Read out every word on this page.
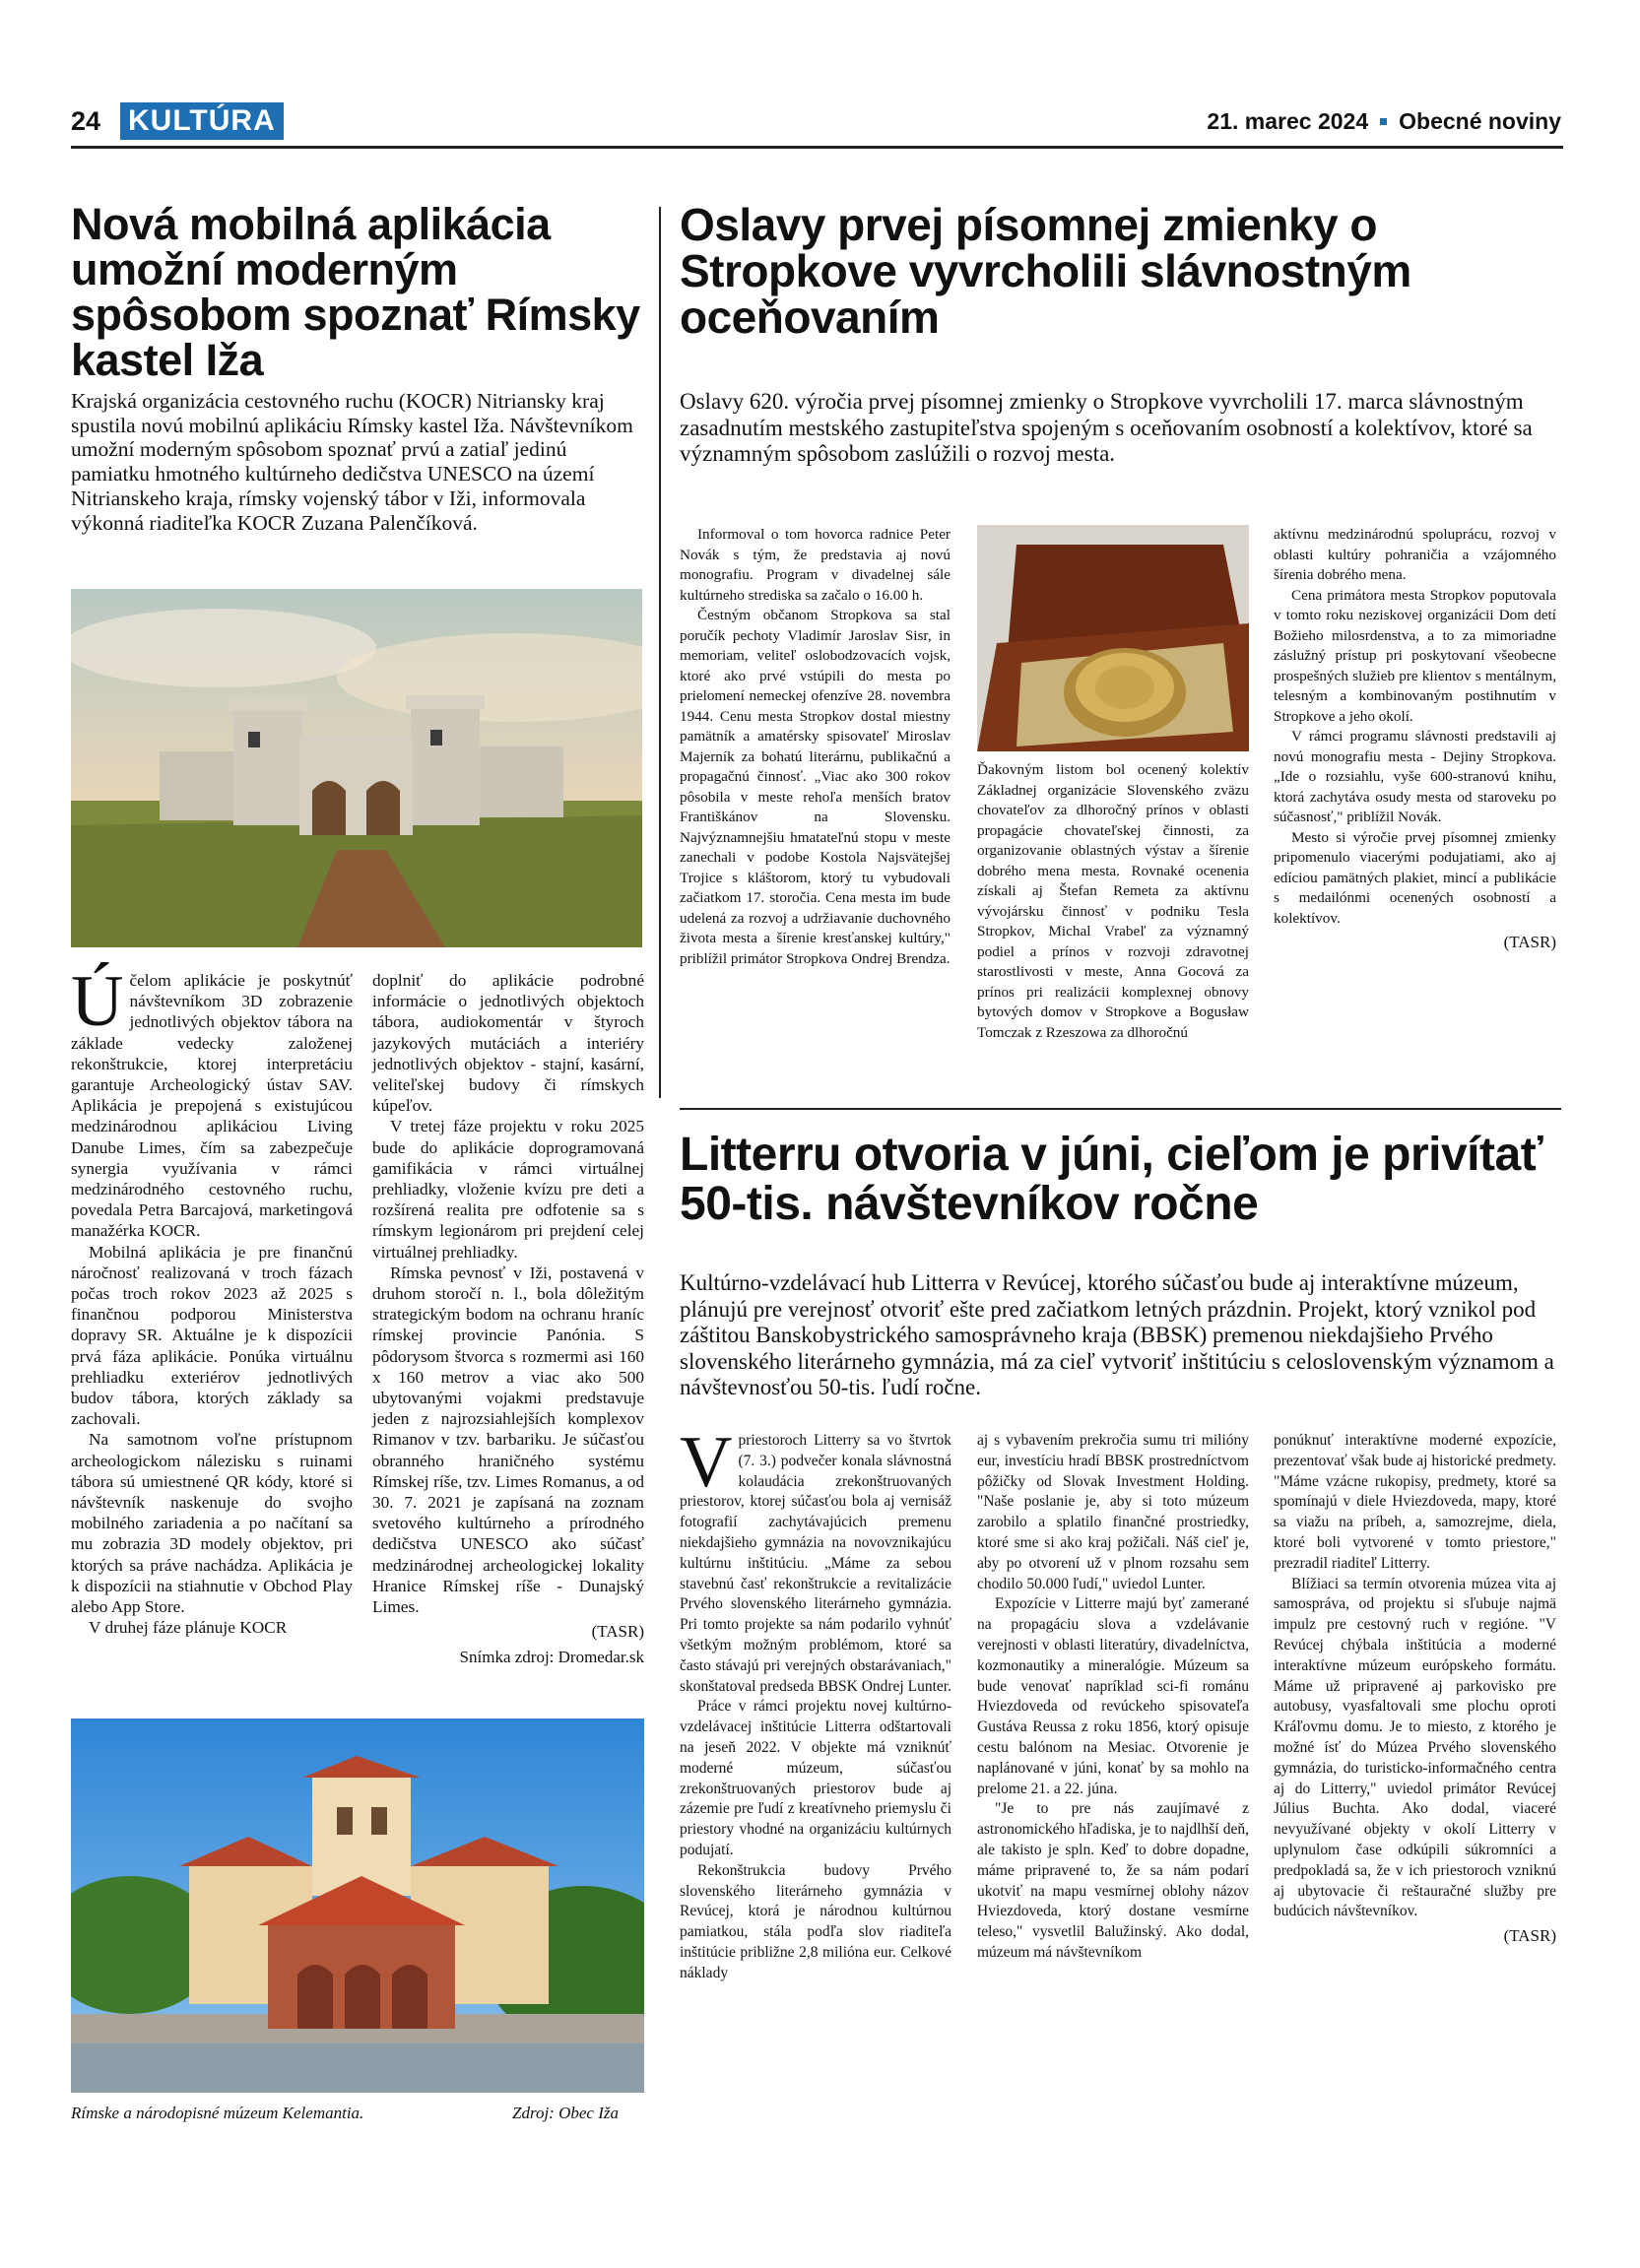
24 KULTÚRA	21. marec 2024 Obecné noviny
Nová mobilná aplikácia umožní moderným spôsobom spoznať Rímsky kastel Iža

Krajská organizácia cestovného ruchu (KOCR) Nitriansky kraj spustila novú mobilnú aplikáciu Rímsky kastel Iža. Návštevníkom umožní moderným spôsobom spoznať prvú a zatiaľ jedinú pamiatku hmotného kultúrneho dedičstva UNESCO na území Nitrianskeho kraja, rímsky vojenský tábor v Iži, informovala výkonná riaditeľka KOCR Zuzana Palenčíková.

Účelom aplikácie je poskytnúť návštevníkom 3D zobrazenie jednotlivých objektov tábora na základe vedecky založenej rekonštrukcie, ktorej interpretáciu garantuje Archeologický ústav SAV. Aplikácia je prepojená s existujúcou medzinárodnou aplikáciou Living Danube Limes, čím sa zabezpečuje synergia využívania v rámci medzinárodného cestovného ruchu, povedala Petra Barcajová, marketingová manažérka KOCR.

Mobilná aplikácia je pre finančnú náročnosť realizovaná v troch fázach počas troch rokov 2023 až 2025 s finančnou podporou Ministerstva dopravy SR. Aktuálne je k dispozícii prvá fáza aplikácie. Ponúka virtuálnu prehliadku exteriérov jednotlivých budov tábora, ktorých základy sa zachovali.

Na samotnom voľne prístupnom archeologickom nálezisku s ruinami tábora sú umiestnené QR kódy, ktoré si návštevník naskenuje do svojho mobilného zariadenia a po načítaní sa mu zobrazia 3D modely objektov, pri ktorých sa práve nachádza. Aplikácia je k dispozícii na stiahnutie v Obchod Play alebo App Store.

V druhej fáze plánuje KOCR

doplniť do aplikácie podrobné informácie o jednotlivých objektoch tábora, audiokomentár v štyroch jazykových mutáciách a interiéry jednotlivých objektov - stajní, kasární, veliteľskej budovy či rímskych kúpeľov.

V tretej fáze projektu v roku 2025 bude do aplikácie doprogramovaná gamifikácia v rámci virtuálnej prehliadky, vloženie kvízu pre deti a rozšírená realita pre odfotenie sa s rímskym legionárom pri prejdení celej virtuálnej prehliadky.

Rímska pevnosť v Iži, postavená v druhom storočí n. l., bola dôležitým strategickým bodom na ochranu hraníc rímskej provincie Panónia. S pôdorysom štvorca s rozmermi asi 160 x 160 metrov a viac ako 500 ubytovanými vojakmi predstavuje jeden z najrozsiahlejších komplexov Rimanov v tzv. barbariku. Je súčasťou obranného hraničného systému Rímskej ríše, tzv. Limes Romanus, a od 30. 7. 2021 je zapísaná na zoznam svetového kultúrneho a prírodného dedičstva UNESCO ako súčasť medzinárodnej archeologickej lokality Hranice Rímskej ríše - Dunajský Limes.

(TASR)
Snímka zdroj: Dromedar.sk
Rímske a národopisné múzeum Kelemantia.	Zdroj: Obec Iža
Oslavy prvej písomnej zmienky o Stropkove vyvrcholili slávnostným oceňovaním

Oslavy 620. výročia prvej písomnej zmienky o Stropkove vyvrcholili 17. marca slávnostným zasadnutím mestského zastupiteľstva spojeným s oceňovaním osobností a kolektívov, ktoré sa významným spôsobom zaslúžili o rozvoj mesta.

Informoval o tom hovorca radnice Peter Novák s tým, že predstavia aj novú monografiu. Program v divadelnej sále kultúrneho strediska sa začalo o 16.00 h.

Čestným občanom Stropkova sa stal poručík pechoty Vladimír Jaroslav Sisr, in memoriam, veliteľ oslobodzovacích vojsk, ktoré ako prvé vstúpili do mesta po prielomení nemeckej ofenzíve 28. novembra 1944. Cenu mesta Stropkov dostal miestny pamätník a amatérsky spisovateľ Miroslav Majerník za bohatú literárnu, publikačnú a propagačnú činnosť. „Viac ako 300 rokov pôsobila v meste rehoľa menších bratov Františkánov na Slovensku. Najvýznamnejšiu hmatateľnú stopu v meste zanechali v podobe Kostola Najsvätejšej Trojice s kláštorom, ktorý tu vybudovali začiatkom 17. storočia. Cena mesta im bude udelená za rozvoj a udržiavanie duchovného života mesta a šírenie kresťanskej kultúry," priblížil primátor Stropkova Ondrej Brendza.

Ďakovným listom bol ocenený kolektív Základnej organizácie Slovenského zväzu chovateľov za dlhoročný prínos v oblasti propagácie chovateľskej činnosti, za organizovanie oblastných výstav a šírenie dobrého mena mesta. Rovnaké ocenenia získali aj Štefan Remeta za aktívnu vývojársku činnosť v podniku Tesla Stropkov, Michal Vrabeľ za významný podiel a prínos v rozvoji zdravotnej starostlivosti v meste, Anna Gocová za prínos pri realizácii komplexnej obnovy bytových domov v Stropkove a Bogusław Tomczak z Rzeszowa za dlhoročnú

aktívnu medzinárodnú spoluprácu, rozvoj v oblasti kultúry pohraničia a vzájomného šírenia dobrého mena.

Cena primátora mesta Stropkov poputovala v tomto roku neziskovej organizácii Dom detí Božieho milosrdenstva, a to za mimoriadne záslužný prístup pri poskytovaní všeobecne prospešných služieb pre klientov s mentálnym, telesným a kombinovaným postihnutím v Stropkove a jeho okolí.

V rámci programu slávnosti predstavili aj novú monografiu mesta - Dejiny Stropkova. „Ide o rozsiahlu, vyše 600-stranovú knihu, ktorá zachytáva osudy mesta od staroveku po súčasnosť," priblížil Novák.

Mesto si výročie prvej písomnej zmienky pripomenulo viacerými podujatiami, ako aj edíciou pamätných plakiet, mincí a publikácie s medailónmi ocenených osobností a kolektívov.

(TASR)
Litterru otvoria v júni, cieľom je privítať 50-tis. návštevníkov ročne

Kultúrno-vzdelávací hub Litterra v Revúcej, ktorého súčasťou bude aj interaktívne múzeum, plánujú pre verejnosť otvoriť ešte pred začiatkom letných prázdnin. Projekt, ktorý vznikol pod záštitou Banskobystrického samosprávneho kraja (BBSK) premenou niekdajšieho Prvého slovenského literárneho gymnázia, má za cieľ vytvoriť inštitúciu s celoslovenským významom a návštevnosťou 50-tis. ľudí ročne.

Vpriestoroch Litterry sa vo štvrtok (7. 3.) podvečer konala slávnostná kolaudácia zrekonštruovaných priestorov, ktorej súčasťou bola aj vernisáž fotografií zachytávajúcich premenu niekdajšieho gymnázia na novovznikajúcu kultúrnu inštitúciu. „Máme za sebou stavebnú časť rekonštrukcie a revitalizácie Prvého slovenského literárneho gymnázia. Pri tomto projekte sa nám podarilo vyhnúť všetkým možným problémom, ktoré sa často stávajú pri verejných obstarávaniach," skonštatoval predseda BBSK Ondrej Lunter.

Práce v rámci projektu novej kultúrno-vzdelávacej inštitúcie Litterra odštartovali na jeseň 2022. V objekte má vzniknúť moderné múzeum, súčasťou zrekonštruovaných priestorov bude aj zázemie pre ľudí z kreatívneho priemyslu či priestory vhodné na organizáciu kultúrnych podujatí.

Rekonštrukcia budovy Prvého slovenského literárneho gymnázia v Revúcej, ktorá je národnou kultúrnou pamiatkou, stála podľa slov riaditeľa inštitúcie približne 2,8 milióna eur. Celkové náklady

aj s vybavením prekročia sumu tri milióny eur, investíciu hradí BBSK prostredníctvom pôžičky od Slovak Investment Holding. "Naše poslanie je, aby si toto múzeum zarobilo a splatilo finančné prostriedky, ktoré sme si ako kraj požičali. Náš cieľ je, aby po otvorení už v plnom rozsahu sem chodilo 50.000 ľudí," uviedol Lunter.

Expozície v Litterre majú byť zamerané na propagáciu slova a vzdelávanie verejnosti v oblasti literatúry, divadelníctva, kozmonautiky a mineralógie. Múzeum sa bude venovať napríklad sci-fi románu Hviezdoveda od revúckeho spisovateľa Gustáva Reussa z roku 1856, ktorý opisuje cestu balónom na Mesiac. Otvorenie je naplánované v júni, konať by sa mohlo na prelome 21. a 22. júna.

"Je to pre nás zaujímavé z astronomického hľadiska, je to najdlhší deň, ale takisto je spln. Keď to dobre dopadne, máme pripravené to, že sa nám podarí ukotviť na mapu vesmírnej oblohy názov Hviezdoveda, ktorý dostane vesmírne teleso," vysvetlil Balužinský. Ako dodal, múzeum má návštevníkom

ponúknuť interaktívne moderné expozície, prezentovať však bude aj historické predmety. "Máme vzácne rukopisy, predmety, ktoré sa spomínajú v diele Hviezdoveda, mapy, ktoré sa viažu na príbeh, a, samozrejme, diela, ktoré boli vytvorené v tomto priestore," prezradil riaditeľ Litterry.

Blížiaci sa termín otvorenia múzea vita aj samospráva, od projektu si sľubuje najmä impulz pre cestovný ruch v regióne. "V Revúcej chýbala inštitúcia a moderné interaktívne múzeum európskeho formátu. Máme už pripravené aj parkovisko pre autobusy, vyasfaltovali sme plochu oproti Kráľovmu domu. Je to miesto, z ktorého je možné ísť do Múzea Prvého slovenského gymnázia, do turisticko-informačného centra aj do Litterry," uviedol primátor Revúcej Július Buchta. Ako dodal, viaceré nevyužívané objekty v okolí Litterry v uplynulom čase odkúpili súkromníci a predpokladá sa, že v ich priestoroch vzniknú aj ubytovacie či reštauračné služby pre budúcich návštevníkov.

(TASR)
